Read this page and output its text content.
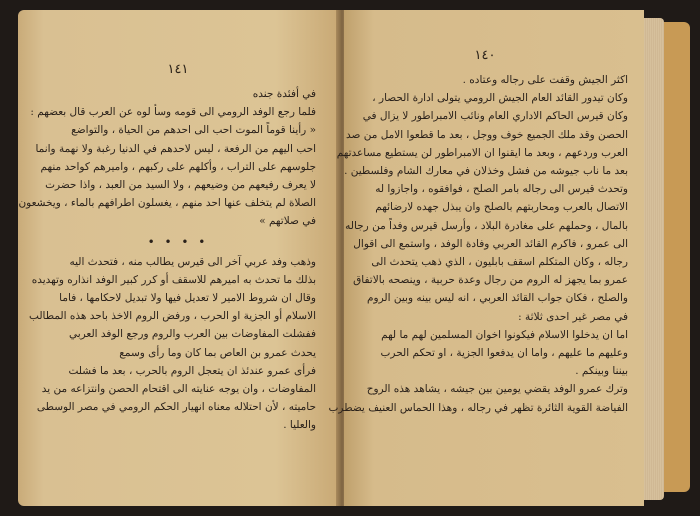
١٤١
في أفئدة جنده
فلما رجع الوفد الرومي الى قومه وسأ لوه عن العرب قال بعضهم :
« رأينا قوماً الموت احب الى احدهم من الحياة ، والتواضع
احب اليهم من الرفعة ، ليس لاحدهم في الدنيا رغبة ولا نهمة وانما
جلوسهم على التراب ، وأكلهم على ركبهم ، واميرهم كواحد منهم
لا يعرف رفيعهم من وضيعهم ، ولا السيد من العبد ، واذا حضرت
الصلاة لم يتخلف عنها احد منهم ، يغسلون اطرافهم بالماء ، ويخشعون
في صلاتهم »
• • • •
وذهب وفد عربي آخر الى قيرس يطالب منه ، فتحدث اليه
بذلك ما تحدث به اميرهم للاسقف أو كرر كبير الوفد انذاره وتهديده
وقال ان شروط الامير لا تعديل فيها ولا تبديل لاحكامها ، فاما
الاسلام أو الجزية او الحرب ، ورفض الروم الاخذ باحد هذه المطالب
ففشلت المفاوضات بين العرب والروم ورجع الوفد العربي
يحدث عمرو بن العاص بما كان وما رأى وسمع
فرأى عمرو عندئذ ان يتعجل الروم بالحرب ، بعد ما فشلت
المفاوضات ، وان يوجه عنايته الى اقتحام الحصن وانتزاعه من يد
حاميته ، لأن احتلاله معناه انهيار الحكم الرومي في مصر الوسطى
والعليا .
١٤٠
اكثر الجيش وقفت على رجاله وعتاده .
وكان تيدور القائد العام الجيش الرومي يتولى ادارة الحصار ،
وكان قيرس الحاكم الاداري العام ونائب الامبراطور لا يزال في
الحصن وقد ملك الجميع خوف ووجل ، بعد ما قطعوا الامل من صد
العرب وردعهم ، وبعد ما ايقنوا ان الامبراطور لن يستطيع مساعدتهم
بعد ما ناب جيوشه من فشل وخذلان في معارك الشام وفلسطين .
وتحدث قيرس الى رجاله بامر الصلح ، فوافقوه ، واجازوا له
الاتصال بالعرب ومحاربتهم بالصلح وان يبذل جهده لارضائهم
بالمال ، وحملهم على مغادرة البلاد ، وأرسل قيرس وفداً من رجاله
الى عمرو ، فاكرم القائد العربي وفادة الوفد ، واستمع الى اقوال
رجاله ، وكان المتكلم اسقف بابليون ، الذي ذهب يتحدث الى
عمرو بما يجهز له الروم من رجال وعدة حربية ، وينصحه بالاتفاق
والصلح ، فكان جواب القائد العربي ، انه ليس بينه وبين الروم
في مصر غير احدى ثلاثة :
اما ان يدخلوا الاسلام فيكونوا اخوان المسلمين لهم ما لهم
وعليهم ما عليهم ، واما ان يدفعوا الجزية ، او تحكم الحرب
بيننا وبينكم .
وترك عمرو الوفد يقضي يومين بين جيشه ، يشاهد هذه الروح
الفياضة القوية الثائرة تظهر في رجاله ، وهذا الحماس العنيف يضطرب
